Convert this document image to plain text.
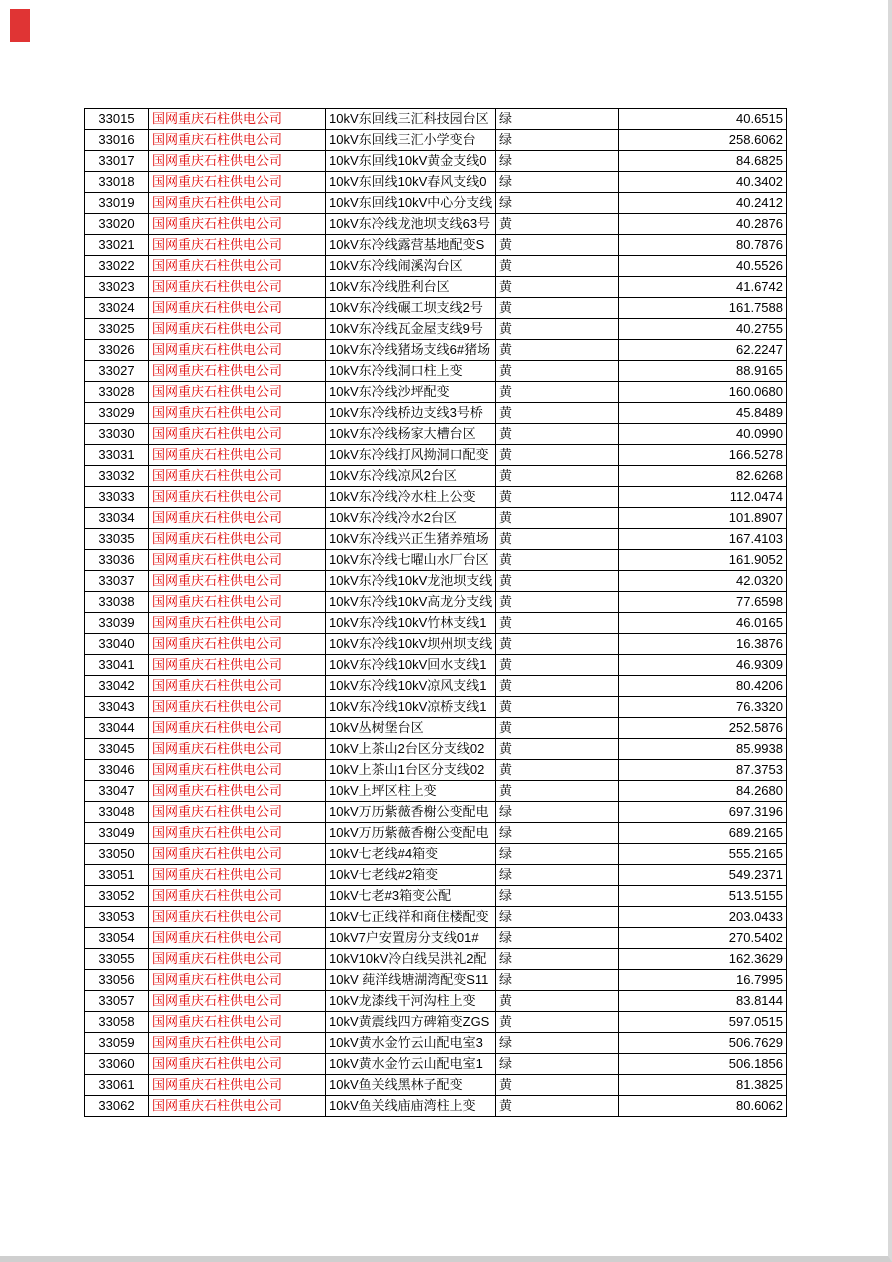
33015	国网重庆石柱供电公司	10kV东回线三汇科技园台区	绿	40.6515
33016	国网重庆石柱供电公司	10kV东回线三汇小学变台	绿	258.6062
33017	国网重庆石柱供电公司	10kV东回线10kV黄金支线0	绿	84.6825
33018	国网重庆石柱供电公司	10kV东回线10kV春风支线0	绿	40.3402
33019	国网重庆石柱供电公司	10kV东回线10kV中心分支线	绿	40.2412
33020	国网重庆石柱供电公司	10kV东冷线龙池坝支线63号	黄	40.2876
33021	国网重庆石柱供电公司	10kV东冷线露营基地配变S	黄	80.7876
33022	国网重庆石柱供电公司	10kV东冷线闹溪沟台区	黄	40.5526
33023	国网重庆石柱供电公司	10kV东冷线胜利台区	黄	41.6742
33024	国网重庆石柱供电公司	10kV东冷线碾工坝支线2号	黄	161.7588
33025	国网重庆石柱供电公司	10kV东冷线瓦金屋支线9号	黄	40.2755
33026	国网重庆石柱供电公司	10kV东冷线猪场支线6#猪场	黄	62.2247
33027	国网重庆石柱供电公司	10kV东冷线洞口柱上变	黄	88.9165
33028	国网重庆石柱供电公司	10kV东冷线沙坪配变	黄	160.0680
33029	国网重庆石柱供电公司	10kV东冷线桥边支线3号桥	黄	45.8489
33030	国网重庆石柱供电公司	10kV东冷线杨家大槽台区	黄	40.0990
33031	国网重庆石柱供电公司	10kV东冷线打风拗洞口配变	黄	166.5278
33032	国网重庆石柱供电公司	10kV东冷线凉风2台区	黄	82.6268
33033	国网重庆石柱供电公司	10kV东冷线冷水柱上公变	黄	112.0474
33034	国网重庆石柱供电公司	10kV东冷线冷水2台区	黄	101.8907
33035	国网重庆石柱供电公司	10kV东冷线兴正生猪养殖场	黄	167.4103
33036	国网重庆石柱供电公司	10kV东冷线七曜山水厂台区	黄	161.9052
33037	国网重庆石柱供电公司	10kV东冷线10kV龙池坝支线	黄	42.0320
33038	国网重庆石柱供电公司	10kV东冷线10kV高龙分支线	黄	77.6598
33039	国网重庆石柱供电公司	10kV东冷线10kV竹林支线1	黄	46.0165
33040	国网重庆石柱供电公司	10kV东冷线10kV坝州坝支线	黄	16.3876
33041	国网重庆石柱供电公司	10kV东冷线10kV回水支线1	黄	46.9309
33042	国网重庆石柱供电公司	10kV东冷线10kV凉风支线1	黄	80.4206
33043	国网重庆石柱供电公司	10kV东冷线10kV凉桥支线1	黄	76.3320
33044	国网重庆石柱供电公司	10kV丛树堡台区	黄	252.5876
33045	国网重庆石柱供电公司	10kV上茶山2台区分支线02	黄	85.9938
33046	国网重庆石柱供电公司	10kV上茶山1台区分支线02	黄	87.3753
33047	国网重庆石柱供电公司	10kV上坪区柱上变	黄	84.2680
33048	国网重庆石柱供电公司	10kV万历紫薇香榭公变配电	绿	697.3196
33049	国网重庆石柱供电公司	10kV万历紫薇香榭公变配电	绿	689.2165
33050	国网重庆石柱供电公司	10kV七老线#4箱变	绿	555.2165
33051	国网重庆石柱供电公司	10kV七老线#2箱变	绿	549.2371
33052	国网重庆石柱供电公司	10kV七老#3箱变公配	绿	513.5155
33053	国网重庆石柱供电公司	10kV七正线祥和商住楼配变	绿	203.0433
33054	国网重庆石柱供电公司	10kV7户安置房分支线01#	绿	270.5402
33055	国网重庆石柱供电公司	10kV10kV冷白线吴洪礼2配	绿	162.3629
33056	国网重庆石柱供电公司	10kV 莼洋线塘湖湾配变S11	绿	16.7995
33057	国网重庆石柱供电公司	10kV龙漆线干河沟柱上变	黄	83.8144
33058	国网重庆石柱供电公司	10kV黄震线四方碑箱变ZGS	黄	597.0515
33059	国网重庆石柱供电公司	10kV黄水金竹云山配电室3	绿	506.7629
33060	国网重庆石柱供电公司	10kV黄水金竹云山配电室1	绿	506.1856
33061	国网重庆石柱供电公司	10kV鱼关线黑林子配变	黄	81.3825
33062	国网重庆石柱供电公司	10kV鱼关线庙庙湾柱上变	黄	80.6062
